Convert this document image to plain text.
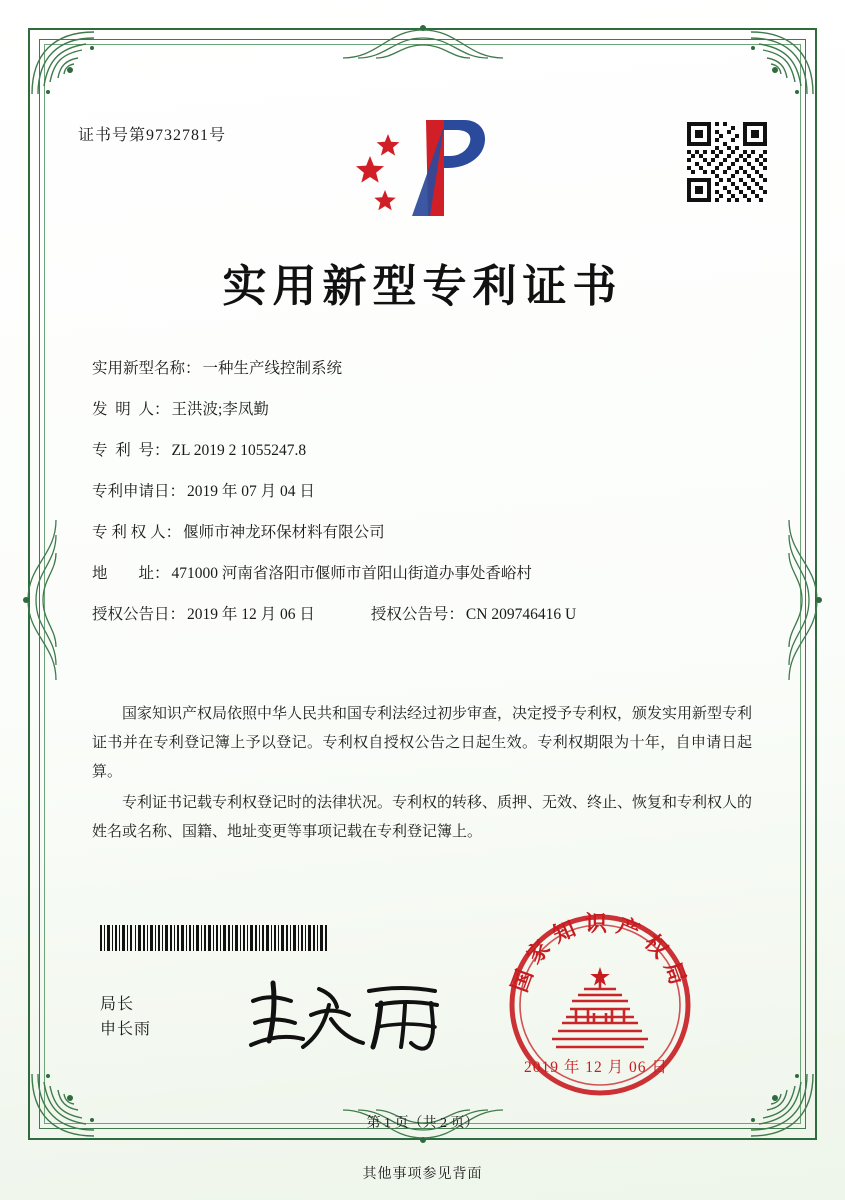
证书号第9732781号
实用新型专利证书
实用新型名称： 一种生产线控制系统
发  明  人： 王洪波;李凤勤
专  利  号： ZL 2019 2 1055247.8
专利申请日： 2019 年 07 月 04 日
专 利 权 人： 偃师市神龙环保材料有限公司
地        址： 471000 河南省洛阳市偃师市首阳山街道办事处香峪村
授权公告日： 2019 年 12 月 06 日	授权公告号： CN 209746416 U

国家知识产权局依照中华人民共和国专利法经过初步审查，决定授予专利权，颁发实用新型专利证书并在专利登记簿上予以登记。专利权自授权公告之日起生效。专利权期限为十年，自申请日起算。

专利证书记载专利权登记时的法律状况。专利权的转移、质押、无效、终止、恢复和专利权人的姓名或名称、国籍、地址变更等事项记载在专利登记簿上。

局长
申长雨
国家知识产权局
2019 年 12 月 06 日
第 1 页（共 2 页）
其他事项参见背面
